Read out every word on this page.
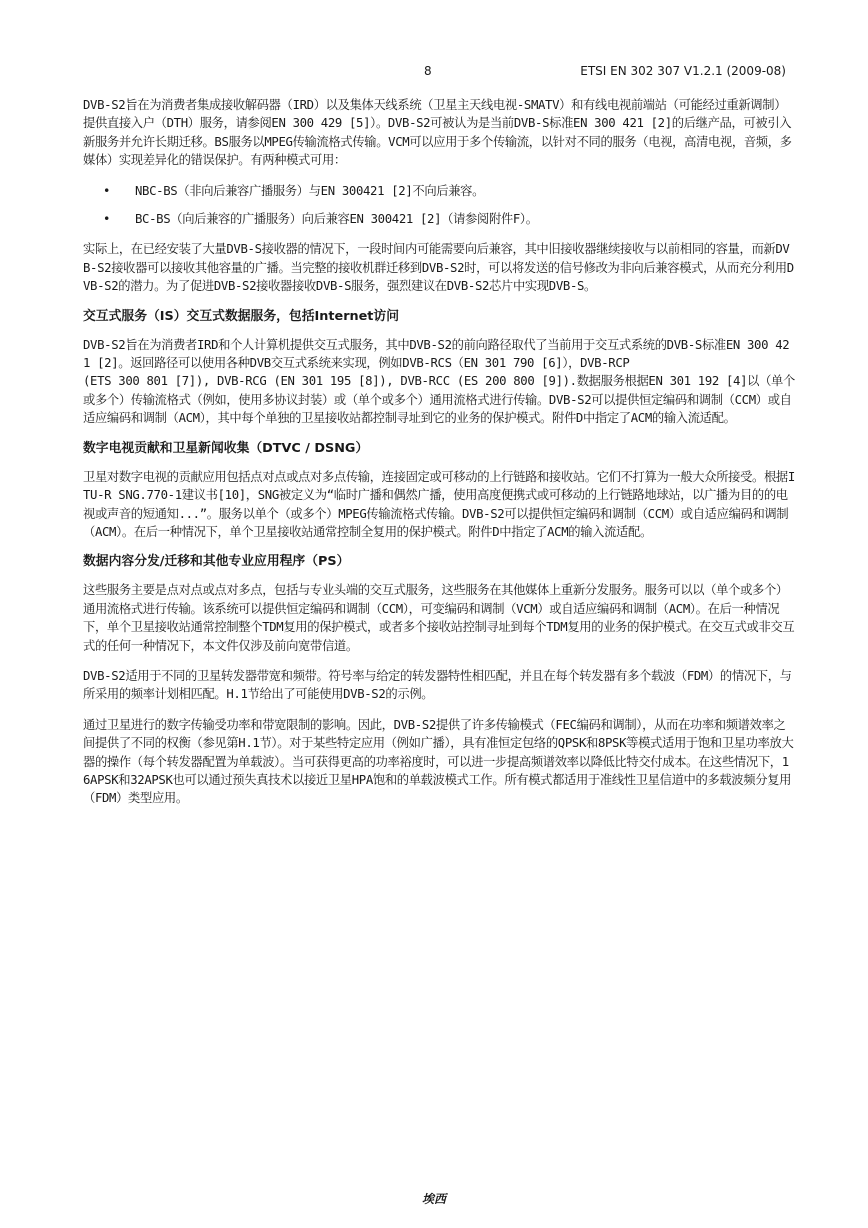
8	ETSI EN 302 307 V1.2.1 (2009-08)

DVB-S2旨在为消费者集成接收解码器（IRD）以及集体天线系统（卫星主天线电视-SMATV）和有线电视前端站（可能经过重新调制）提供直接入户（DTH）服务，请参阅EN 300 429 [5]）。DVB-S2可被认为是当前DVB-S标准EN 300 421 [2]的后继产品，可被引入新服务并允许长期迁移。BS服务以MPEG传输流格式传输。VCM可以应用于多个传输流，以针对不同的服务（电视，高清电视，音频，多媒体）实现差异化的错误保护。有两种模式可用：

• NBC-BS（非向后兼容广播服务）与EN 300421 [2]不向后兼容。
• BC-BS（向后兼容的广播服务）向后兼容EN 300421 [2]（请参阅附件F）。

实际上，在已经安装了大量DVB-S接收器的情况下，一段时间内可能需要向后兼容，其中旧接收器继续接收与以前相同的容量，而新DVB-S2接收器可以接收其他容量的广播。当完整的接收机群迁移到DVB-S2时，可以将发送的信号修改为非向后兼容模式，从而充分利用DVB-S2的潜力。为了促进DVB-S2接收器接收DVB-S服务，强烈建议在DVB-S2芯片中实现DVB-S。

交互式服务（IS）交互式数据服务，包括Internet访问

DVB-S2旨在为消费者IRD和个人计算机提供交互式服务，其中DVB-S2的前向路径取代了当前用于交互式系统的DVB-S标准EN 300 421 [2]。返回路径可以使用各种DVB交互式系统来实现，例如DVB-RCS（EN 301 790 [6]），DVB-RCP

(ETS 300 801 [7]), DVB-RCG (EN 301 195 [8]), DVB-RCC (ES 200 800 [9]).数据服务根据EN 301 192 [4]以（单个或多个）传输流格式（例如，使用多协议封装）或（单个或多个）通用流格式进行传输。DVB-S2可以提供恒定编码和调制（CCM）或自适应编码和调制（ACM），其中每个单独的卫星接收站都控制寻址到它的业务的保护模式。附件D中指定了ACM的输入流适配。

数字电视贡献和卫星新闻收集（DTVC / DSNG）

卫星对数字电视的贡献应用包括点对点或点对多点传输，连接固定或可移动的上行链路和接收站。它们不打算为一般大众所接受。根据ITU-R SNG.770-1建议书[10]，SNG被定义为“临时广播和偶然广播，使用高度便携式或可移动的上行链路地球站，以广播为目的的电视或声音的短通知...”。服务以单个（或多个）MPEG传输流格式传输。DVB-S2可以提供恒定编码和调制（CCM）或自适应编码和调制（ACM）。在后一种情况下，单个卫星接收站通常控制全复用的保护模式。附件D中指定了ACM的输入流适配。

数据内容分发/迁移和其他专业应用程序（PS）

这些服务主要是点对点或点对多点，包括与专业头端的交互式服务，这些服务在其他媒体上重新分发服务。服务可以以（单个或多个）通用流格式进行传输。该系统可以提供恒定编码和调制（CCM），可变编码和调制（VCM）或自适应编码和调制（ACM）。在后一种情况下，单个卫星接收站通常控制整个TDM复用的保护模式，或者多个接收站控制寻址到每个TDM复用的业务的保护模式。在交互式或非交互式的任何一种情况下，本文件仅涉及前向宽带信道。

DVB-S2适用于不同的卫星转发器带宽和频带。符号率与给定的转发器特性相匹配，并且在每个转发器有多个载波（FDM）的情况下，与所采用的频率计划相匹配。H.1节给出了可能使用DVB-S2的示例。

通过卫星进行的数字传输受功率和带宽限制的影响。因此，DVB-S2提供了许多传输模式（FEC编码和调制），从而在功率和频谱效率之间提供了不同的权衡（参见第H.1节）。对于某些特定应用（例如广播），具有准恒定包络的QPSK和8PSK等模式适用于饱和卫星功率放大器的操作（每个转发器配置为单载波）。当可获得更高的功率裕度时，可以进一步提高频谱效率以降低比特交付成本。在这些情况下，16APSK和32APSK也可以通过预失真技术以接近卫星HPA饱和的单载波模式工作。所有模式都适用于准线性卫星信道中的多载波频分复用（FDM）类型应用。

埃西
